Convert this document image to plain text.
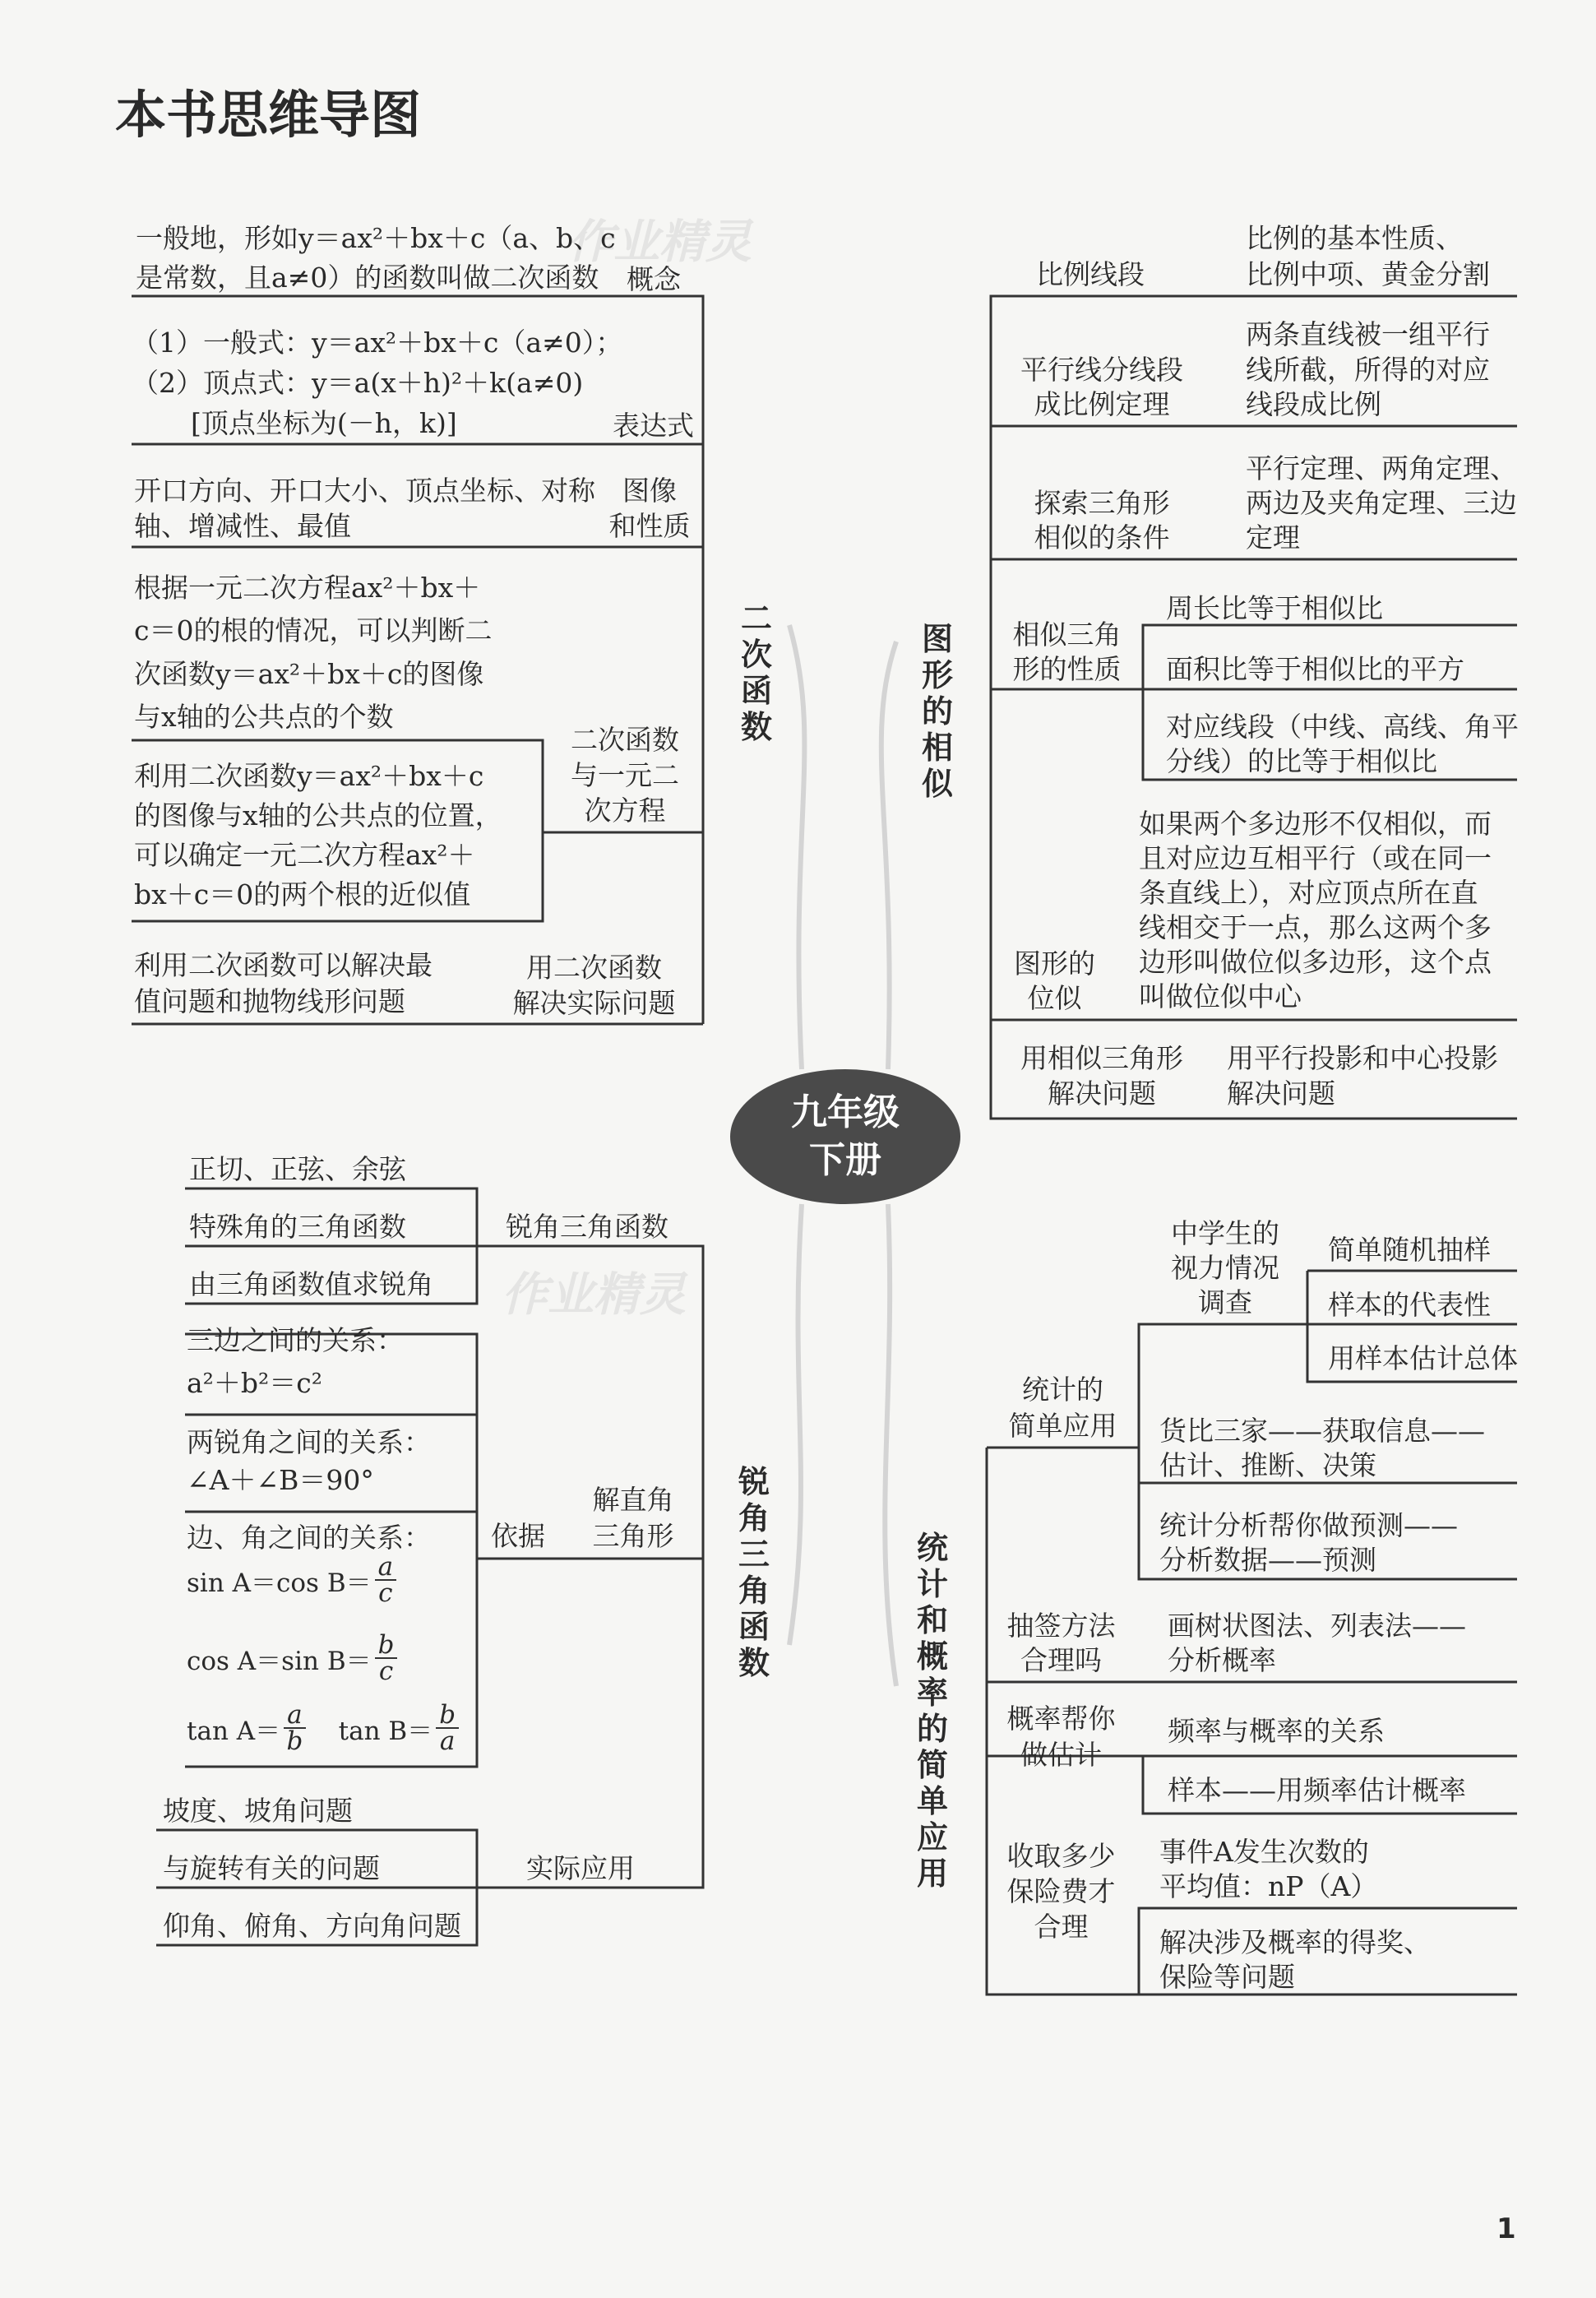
作业精灵
作业精灵
本书思维导图
九年级
下册
二次函数
一般地，形如y＝ax²＋bx＋c（a、b、c
是常数，且a≠0）的函数叫做二次函数 概念
（1）一般式：y＝ax²＋bx＋c（a≠0）；
（2）顶点式：y＝a(x＋h)²＋k(a≠0)
[顶点坐标为(－h，k)]	表达式
开口方向、开口大小、顶点坐标、对称
轴、增减性、最值
图像
和性质
根据一元二次方程ax²＋bx＋
c＝0的根的情况，可以判断二
次函数y＝ax²＋bx＋c的图像
与x轴的公共点的个数
利用二次函数y＝ax²＋bx＋c
的图像与x轴的公共点的位置，
可以确定一元二次方程ax²＋
bx＋c＝0的两个根的近似值
二次函数
与一元二
次方程
利用二次函数可以解决最
值问题和抛物线形问题
用二次函数
解决实际问题
图形的相似
比例线段
比例的基本性质、
比例中项、黄金分割
平行线分线段
成比例定理
两条直线被一组平行
线所截，所得的对应
线段成比例
探索三角形
相似的条件
平行定理、两角定理、
两边及夹角定理、三边
定理
相似三角
形的性质
周长比等于相似比
面积比等于相似比的平方
对应线段（中线、高线、角平
分线）的比等于相似比
图形的
位似
如果两个多边形不仅相似，而
且对应边互相平行（或在同一
条直线上），对应顶点所在直
线相交于一点，那么这两个多
边形叫做位似多边形，这个点
叫做位似中心
用相似三角形
解决问题
用平行投影和中心投影
解决问题
锐角三角函数
正切、正弦、余弦
特殊角的三角函数
由三角函数值求锐角
锐角三角函数
三边之间的关系：
a²＋b²＝c²
两锐角之间的关系：
∠A＋∠B＝90°
边、角之间的关系：
sin A＝cos $B= \frac{a}{c}$
cos A＝sin $B= \frac{b}{c}$
$\tan A= \frac{a}{b}$ $\tan B= \frac{b}{a}$
依据
解直角
三角形
坡度、坡角问题
与旋转有关的问题
仰角、俯角、方向角问题
实际应用
统计和概率的简单应用
统计的
简单应用
中学生的
视力情况
调查
简单随机抽样
样本的代表性
用样本估计总体
货比三家——获取信息——
估计、推断、决策
统计分析帮你做预测——
分析数据——预测
抽签方法
合理吗
画树状图法、列表法——
分析概率
概率帮你
做估计
频率与概率的关系
样本——用频率估计概率
收取多少
保险费才
合理
事件A发生次数的
平均值：nP（A）
解决涉及概率的得奖、
保险等问题
1
